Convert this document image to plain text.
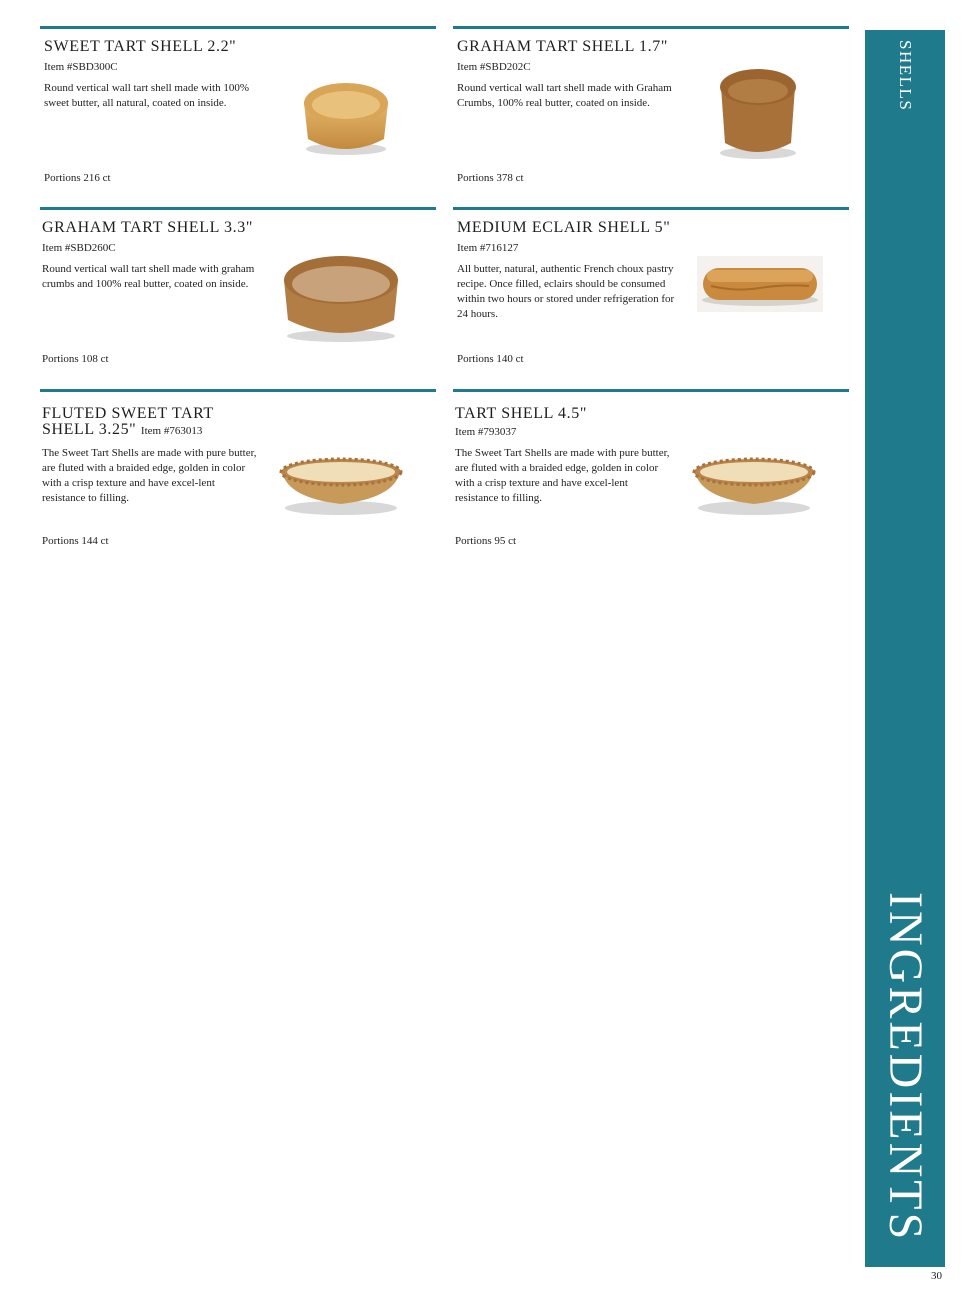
SWEET TART SHELL 2.2"
Item #SBD300C
Round vertical wall tart shell made with 100% sweet butter, all natural, coated on inside.
Portions 216 ct
GRAHAM TART SHELL 1.7"
Item #SBD202C
Round vertical wall tart shell made with Graham Crumbs, 100% real butter, coated on inside.
Portions 378 ct
GRAHAM TART SHELL 3.3"
Item #SBD260C
Round vertical wall tart shell made with graham crumbs and 100% real butter, coated on inside.
Portions 108 ct
MEDIUM ECLAIR SHELL 5"
Item #716127
All butter, natural, authentic French choux pastry recipe. Once filled, eclairs should be consumed within two hours or stored under refrigeration for 24 hours.
Portions 140 ct
FLUTED SWEET TART
SHELL 3.25" Item #763013
The Sweet Tart Shells are made with pure butter, are fluted with a braided edge, golden in color with a crisp texture and have excel-lent resistance to filling.
Portions 144 ct
TART SHELL 4.5"
Item #793037
The Sweet Tart Shells are made with pure butter, are fluted with a braided edge, golden in color with a crisp texture and have excel-lent resistance to filling.
Portions 95 ct
SHELLS
INGREDIENTS
30
